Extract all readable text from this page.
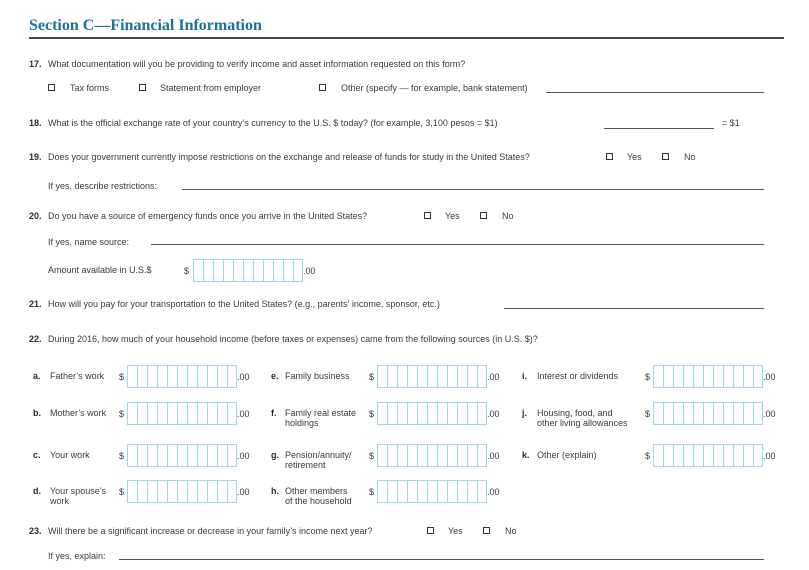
Section C—Financial Information
17. What documentation will you be providing to verify income and asset information requested on this form?
Tax forms	Statement from employer	Other (specify — for example, bank statement)
18. What is the official exchange rate of your country’s currency to the U.S. $ today? (for example, 3,100 pesos = $1)	= $1
19. Does your government currently impose restrictions on the exchange and release of funds for study in the United States?	Yes	No
If yes, describe restrictions:
20. Do you have a source of emergency funds once you arrive in the United States?	Yes	No
If yes, name source:
Amount available in U.S.$	$	.00
21. How will you pay for your transportation to the United States? (e.g., parents’ income, sponsor, etc.)
22. During 2016, how much of your household income (before taxes or expenses) came from the following sources (in U.S. $)?
a. Father’s work $	.00
b. Mother’s work $	.00
c. Your work	$	.00
d. Your spouse’s
work
$	.00
e. Family business $	.00
f. Family real estate
holdings
$	.00
g. Pension/annuity/
retirement
$	.00
h. Other members
of the household
$	.00
i. Interest or dividends	$	.00
j. Housing, food, and
other living allowances
$	.00
k. Other (explain)	$	.00
23. Will there be a significant increase or decrease in your family’s income next year?	Yes	No
If yes, explain:
